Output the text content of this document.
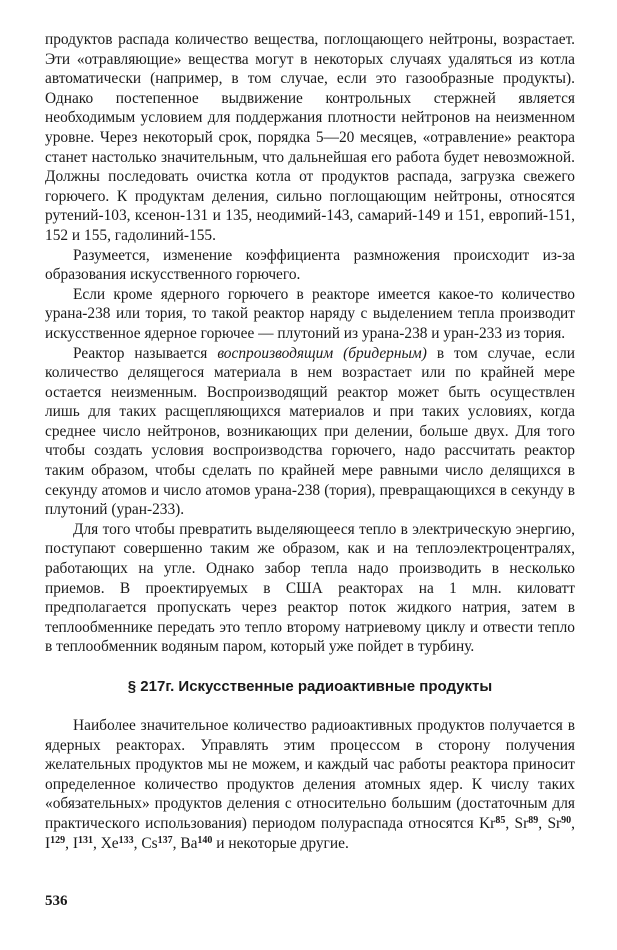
продуктов распада количество вещества, поглощающего нейтроны, возрастает. Эти «отравляющие» вещества могут в некоторых случаях удаляться из котла автоматически (например, в том случае, если это газообразные продукты). Однако постепенное выдвижение контрольных стержней является необходимым условием для поддержания плотности нейтронов на неизменном уровне. Через некоторый срок, порядка 5—20 месяцев, «отравление» реактора станет настолько значительным, что дальнейшая его работа будет невозможной. Должны последовать очистка котла от продуктов распада, загрузка свежего горючего. К продуктам деления, сильно поглощающим нейтроны, относятся рутений-103, ксенон-131 и 135, неодимий-143, самарий-149 и 151, европий-151, 152 и 155, гадолиний-155.

Разумеется, изменение коэффициента размножения происходит из-за образования искусственного горючего.

Если кроме ядерного горючего в реакторе имеется какое-то количество урана-238 или тория, то такой реактор наряду с выделением тепла производит искусственное ядерное горючее — плутоний из урана-238 и уран-233 из тория.

Реактор называется воспроизводящим (бридерным) в том случае, если количество делящегося материала в нем возрастает или по крайней мере остается неизменным. Воспроизводящий реактор может быть осуществлен лишь для таких расщепляющихся материалов и при таких условиях, когда среднее число нейтронов, возникающих при делении, больше двух. Для того чтобы создать условия воспроизводства горючего, надо рассчитать реактор таким образом, чтобы сделать по крайней мере равными число делящихся в секунду атомов и число атомов урана-238 (тория), превращающихся в секунду в плутоний (уран-233).

Для того чтобы превратить выделяющееся тепло в электрическую энергию, поступают совершенно таким же образом, как и на теплоэлектроцентралях, работающих на угле. Однако забор тепла надо производить в несколько приемов. В проектируемых в США реакторах на 1 млн. киловатт предполагается пропускать через реактор поток жидкого натрия, затем в теплообменнике передать это тепло второму натриевому циклу и отвести тепло в теплообменник водяным паром, который уже пойдет в турбину.

§ 217г. Искусственные радиоактивные продукты

Наиболее значительное количество радиоактивных продуктов получается в ядерных реакторах. Управлять этим процессом в сторону получения желательных продуктов мы не можем, и каждый час работы реактора приносит определенное количество продуктов деления атомных ядер. К числу таких «обязательных» продуктов деления с относительно большим (достаточным для практического использования) периодом полураспада относятся Kr$^{85}$, Sr$^{89}$, Sr$^{90}$, $I^{129}$, $I^{131}$, Xe$^{133}$, Cs$^{137}$, Ba$^{140}$ и некоторые другие.

536
